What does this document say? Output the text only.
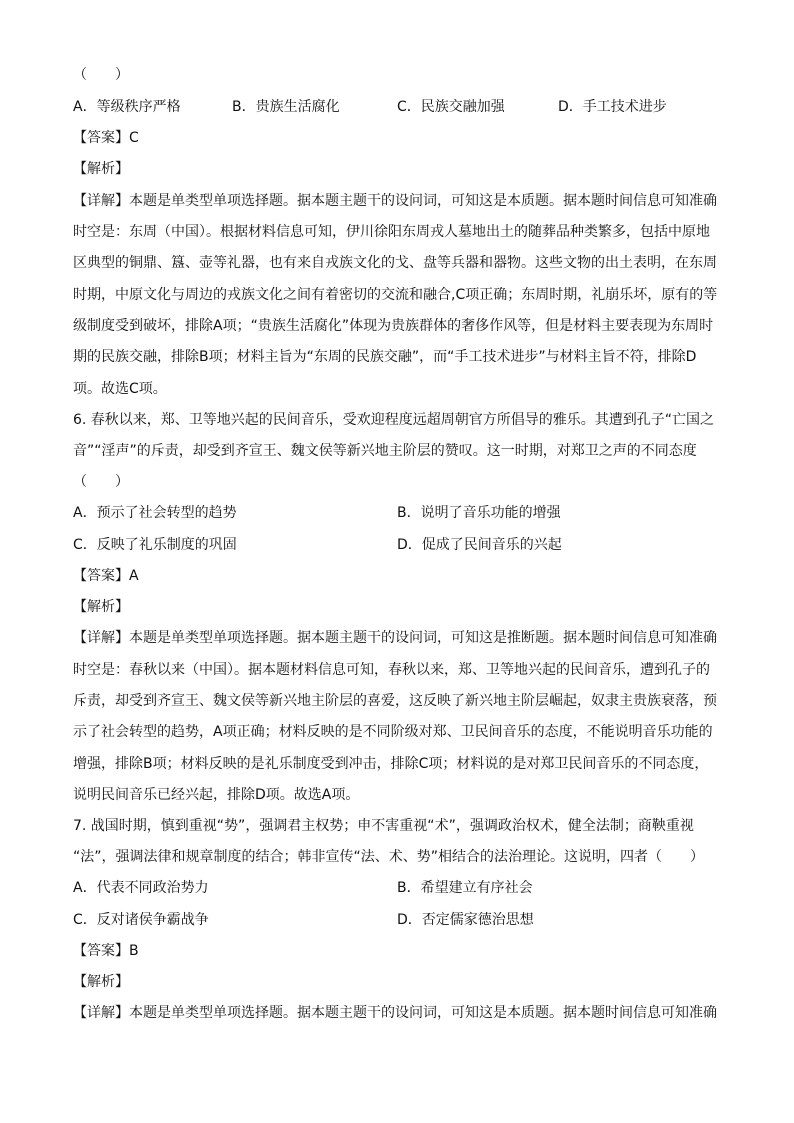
（　　）
A．等级秩序严格	B．贵族生活腐化	C．民族交融加强	D．手工技术进步
【答案】C
【解析】
【详解】本题是单类型单项选择题。据本题主题干的设问词，可知这是本质题。据本题时间信息可知准确
时空是：东周（中国）。根据材料信息可知，伊川徐阳东周戎人墓地出土的随葬品种类繁多，包括中原地
区典型的铜鼎、簋、壶等礼器，也有来自戎族文化的戈、盘等兵器和器物。这些文物的出土表明，在东周
时期，中原文化与周边的戎族文化之间有着密切的交流和融合,C项正确；东周时期，礼崩乐坏，原有的等
级制度受到破坏，排除A项；“贵族生活腐化”体现为贵族群体的奢侈作风等，但是材料主要表现为东周时
期的民族交融，排除B项；材料主旨为“东周的民族交融”，而“手工技术进步”与材料主旨不符，排除D
项。故选C项。
6. 春秋以来，郑、卫等地兴起的民间音乐，受欢迎程度远超周朝官方所倡导的雅乐。其遭到孔子“亡国之
音”“淫声”的斥责，却受到齐宣王、魏文侯等新兴地主阶层的赞叹。这一时期，对郑卫之声的不同态度
（　　）
A．预示了社会转型的趋势	B．说明了音乐功能的增强
C．反映了礼乐制度的巩固	D．促成了民间音乐的兴起
【答案】A
【解析】
【详解】本题是单类型单项选择题。据本题主题干的设问词，可知这是推断题。据本题时间信息可知准确
时空是：春秋以来（中国）。据本题材料信息可知，春秋以来，郑、卫等地兴起的民间音乐，遭到孔子的
斥责，却受到齐宣王、魏文侯等新兴地主阶层的喜爱，这反映了新兴地主阶层崛起，奴隶主贵族衰落，预
示了社会转型的趋势，A项正确；材料反映的是不同阶级对郑、卫民间音乐的态度，不能说明音乐功能的
增强，排除B项；材料反映的是礼乐制度受到冲击，排除C项；材料说的是对郑卫民间音乐的不同态度，
说明民间音乐已经兴起，排除D项。故选A项。
7. 战国时期，慎到重视“势”，强调君主权势；申不害重视“术”，强调政治权术，健全法制；商鞅重视
“法”，强调法律和规章制度的结合；韩非宣传“法、术、势”相结合的法治理论。这说明，四者（　　）
A．代表不同政治势力	B．希望建立有序社会
C．反对诸侯争霸战争	D．否定儒家德治思想
【答案】B
【解析】
【详解】本题是单类型单项选择题。据本题主题干的设问词，可知这是本质题。据本题时间信息可知准确
